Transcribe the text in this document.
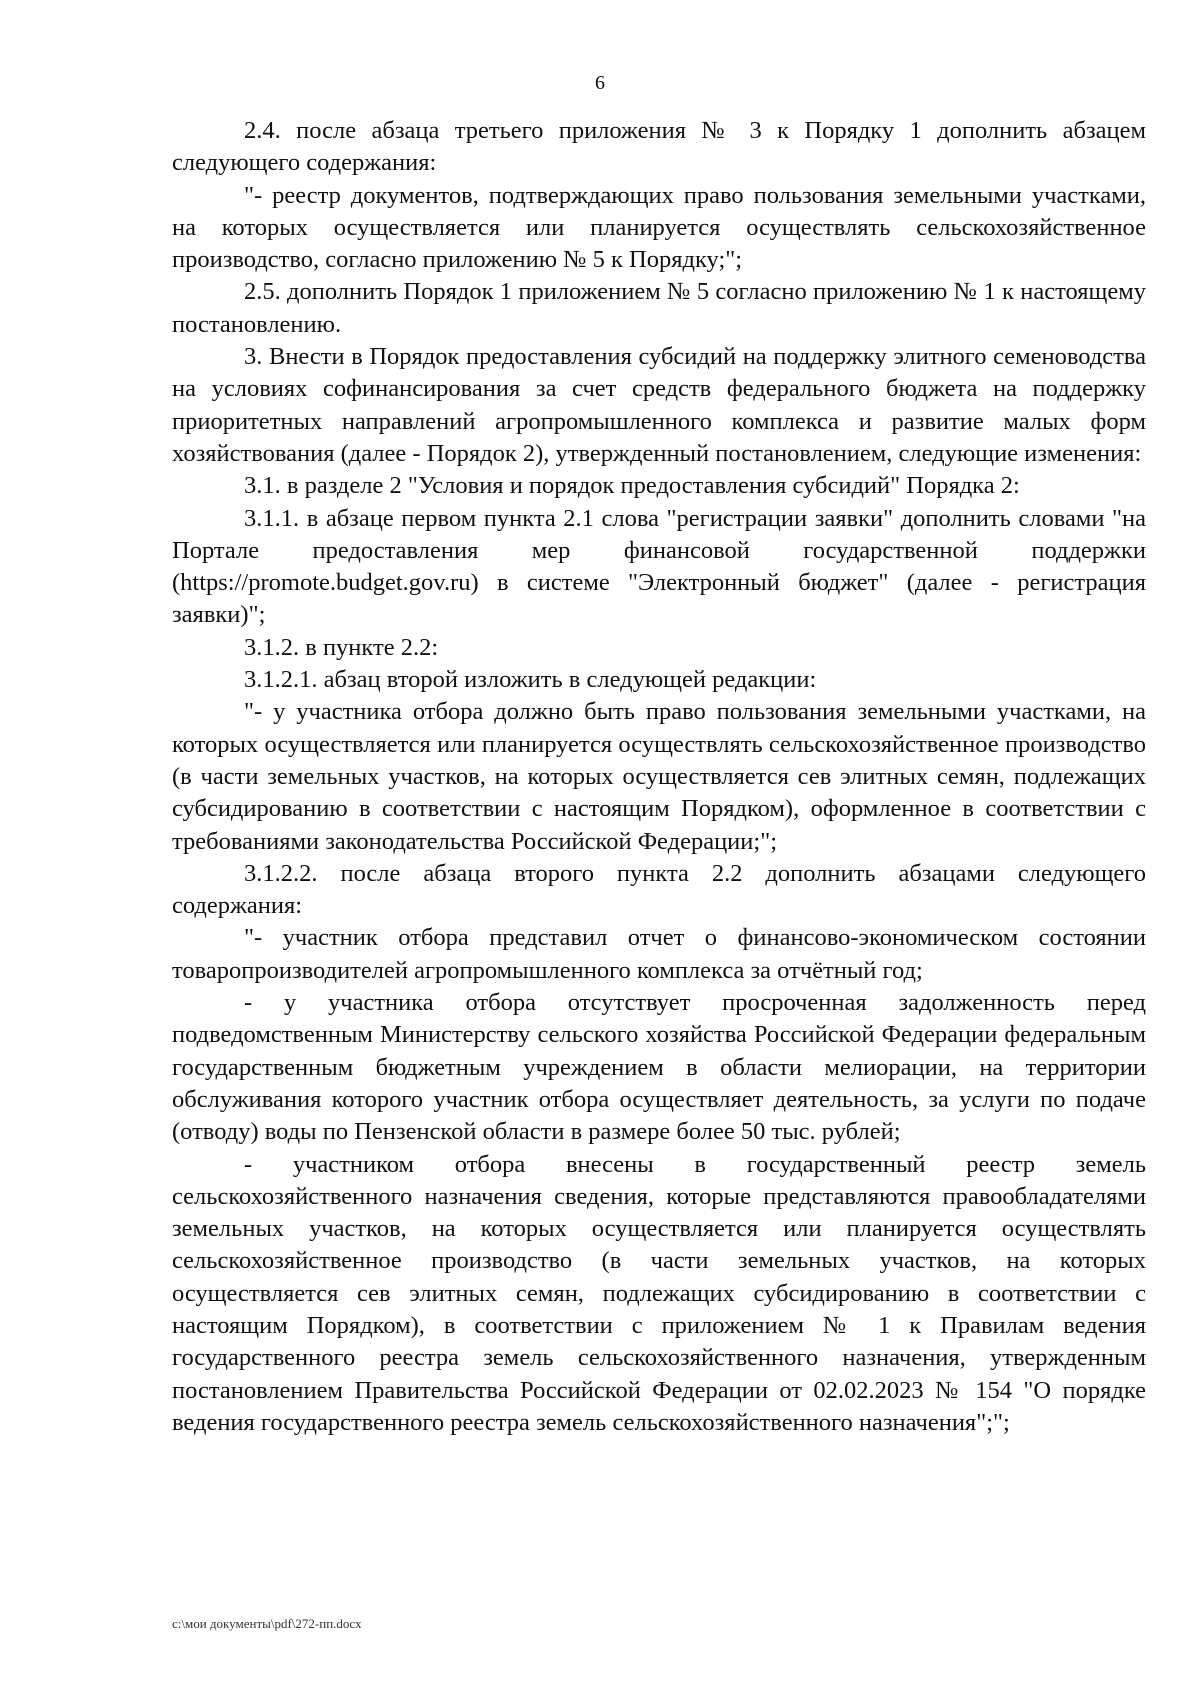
6

2.4. после абзаца третьего приложения № 3 к Порядку 1 дополнить абзацем следующего содержания:

"- реестр документов, подтверждающих право пользования земельными участками, на которых осуществляется или планируется осуществлять сельскохозяйственное производство, согласно приложению № 5 к Порядку;";

2.5. дополнить Порядок 1 приложением № 5 согласно приложению № 1 к настоящему постановлению.

3. Внести в Порядок предоставления субсидий на поддержку элитного семеноводства на условиях софинансирования за счет средств федерального бюджета на поддержку приоритетных направлений агропромышленного комплекса и развитие малых форм хозяйствования (далее - Порядок 2), утвержденный постановлением, следующие изменения:

3.1. в разделе 2 "Условия и порядок предоставления субсидий" Порядка 2:

3.1.1. в абзаце первом пункта 2.1 слова "регистрации заявки" дополнить словами "на Портале предоставления мер финансовой государственной поддержки (https://promote.budget.gov.ru) в системе "Электронный бюджет" (далее - регистрация заявки)";

3.1.2. в пункте 2.2:

3.1.2.1. абзац второй изложить в следующей редакции:

"- у участника отбора должно быть право пользования земельными участками, на которых осуществляется или планируется осуществлять сельскохозяйственное производство (в части земельных участков, на которых осуществляется сев элитных семян, подлежащих субсидированию в соответствии с настоящим Порядком), оформленное в соответствии с требованиями законодательства Российской Федерации;";

3.1.2.2. после абзаца второго пункта 2.2 дополнить абзацами следующего содержания:

"- участник отбора представил отчет о финансово-экономическом состоянии товаропроизводителей агропромышленного комплекса за отчётный год;

- у участника отбора отсутствует просроченная задолженность перед подведомственным Министерству сельского хозяйства Российской Федерации федеральным государственным бюджетным учреждением в области мелиорации, на территории обслуживания которого участник отбора осуществляет деятельность, за услуги по подаче (отводу) воды по Пензенской области в размере более 50 тыс. рублей;

- участником отбора внесены в государственный реестр земель сельскохозяйственного назначения сведения, которые представляются правообладателями земельных участков, на которых осуществляется или планируется осуществлять сельскохозяйственное производство (в части земельных участков, на которых осуществляется сев элитных семян, подлежащих субсидированию в соответствии с настоящим Порядком), в соответствии с приложением № 1 к Правилам ведения государственного реестра земель сельскохозяйственного назначения, утвержденным постановлением Правительства Российской Федерации от 02.02.2023 № 154 "О порядке ведения государственного реестра земель сельскохозяйственного назначения";";

c:\мои документы\pdf\272-пп.docx
